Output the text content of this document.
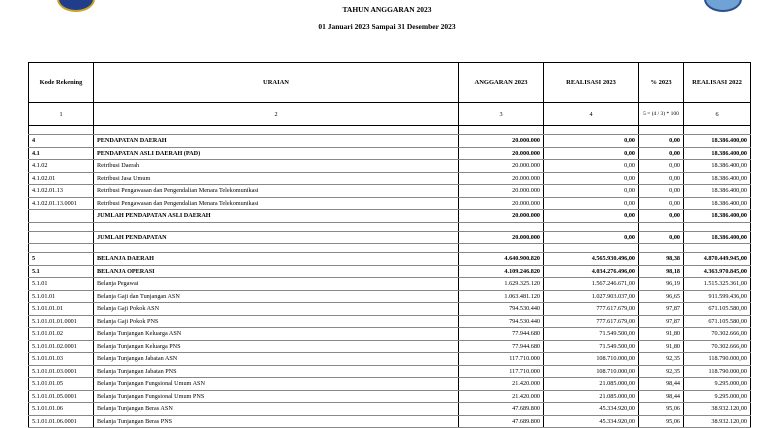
TAHUN ANGGARAN 2023
01 Januari 2023 Sampai 31 Desember 2023
Kode Rekening	URAIAN	ANGGARAN 2023	REALISASI 2023	% 2023	REALISASI 2022
1	2	3	4	5 = (4 / 3) * 100	6

4	PENDAPATAN DAERAH	20.000.000	0,00	0,00	18.386.400,00
4.1	PENDAPATAN ASLI DAERAH (PAD)	20.000.000	0,00	0,00	18.386.400,00
4.1.02	Retribusi Daerah	20.000.000	0,00	0,00	18.386.400,00
4.1.02.01	Retribusi Jasa Umum	20.000.000	0,00	0,00	18.386.400,00
4.1.02.01.13	Retribusi Pengawasan dan Pengendalian Menara Telekomunikasi	20.000.000	0,00	0,00	18.386.400,00
4.1.02.01.13.0001	Retribusi Pengawasan dan Pengendalian Menara Telekomunikasi	20.000.000	0,00	0,00	18.386.400,00
	JUMLAH PENDAPATAN ASLI DAERAH	20.000.000	0,00	0,00	18.386.400,00

	JUMLAH PENDAPATAN	20.000.000	0,00	0,00	18.386.400,00

5	BELANJA DAERAH	4.640.900.820	4.565.930.496,00	98,38	4.870.449.945,00
5.1	BELANJA OPERASI	4.109.246.820	4.034.276.496,00	98,18	4.363.970.845,00
5.1.01	Belanja Pegawai	1.629.325.120	1.567.246.671,00	96,19	1.515.325.361,00
5.1.01.01	Belanja Gaji dan Tunjangan ASN	1.063.481.120	1.027.903.037,00	96,65	911.599.436,00
5.1.01.01.01	Belanja Gaji Pokok ASN	794.530.440	777.617.679,00	97,87	671.105.580,00
5.1.01.01.01.0001	Belanja Gaji Pokok PNS	794.530.440	777.617.679,00	97,87	671.105.580,00
5.1.01.01.02	Belanja Tunjangan Keluarga ASN	77.944.680	71.549.500,00	91,80	70.302.666,00
5.1.01.01.02.0001	Belanja Tunjangan Keluarga PNS	77.944.680	71.549.500,00	91,80	70.302.666,00
5.1.01.01.03	Belanja Tunjangan Jabatan ASN	117.710.000	108.710.000,00	92,35	118.790.000,00
5.1.01.01.03.0001	Belanja Tunjangan Jabatan PNS	117.710.000	108.710.000,00	92,35	118.790.000,00
5.1.01.01.05	Belanja Tunjangan Fungsional Umum ASN	21.420.000	21.085.000,00	98,44	9.295.000,00
5.1.01.01.05.0001	Belanja Tunjangan Fungsional Umum PNS	21.420.000	21.085.000,00	98,44	9.295.000,00
5.1.01.01.06	Belanja Tunjangan Beras ASN	47.689.800	45.334.920,00	95,06	38.932.120,00
5.1.01.01.06.0001	Belanja Tunjangan Beras PNS	47.689.800	45.334.920,00	95,06	38.932.120,00
